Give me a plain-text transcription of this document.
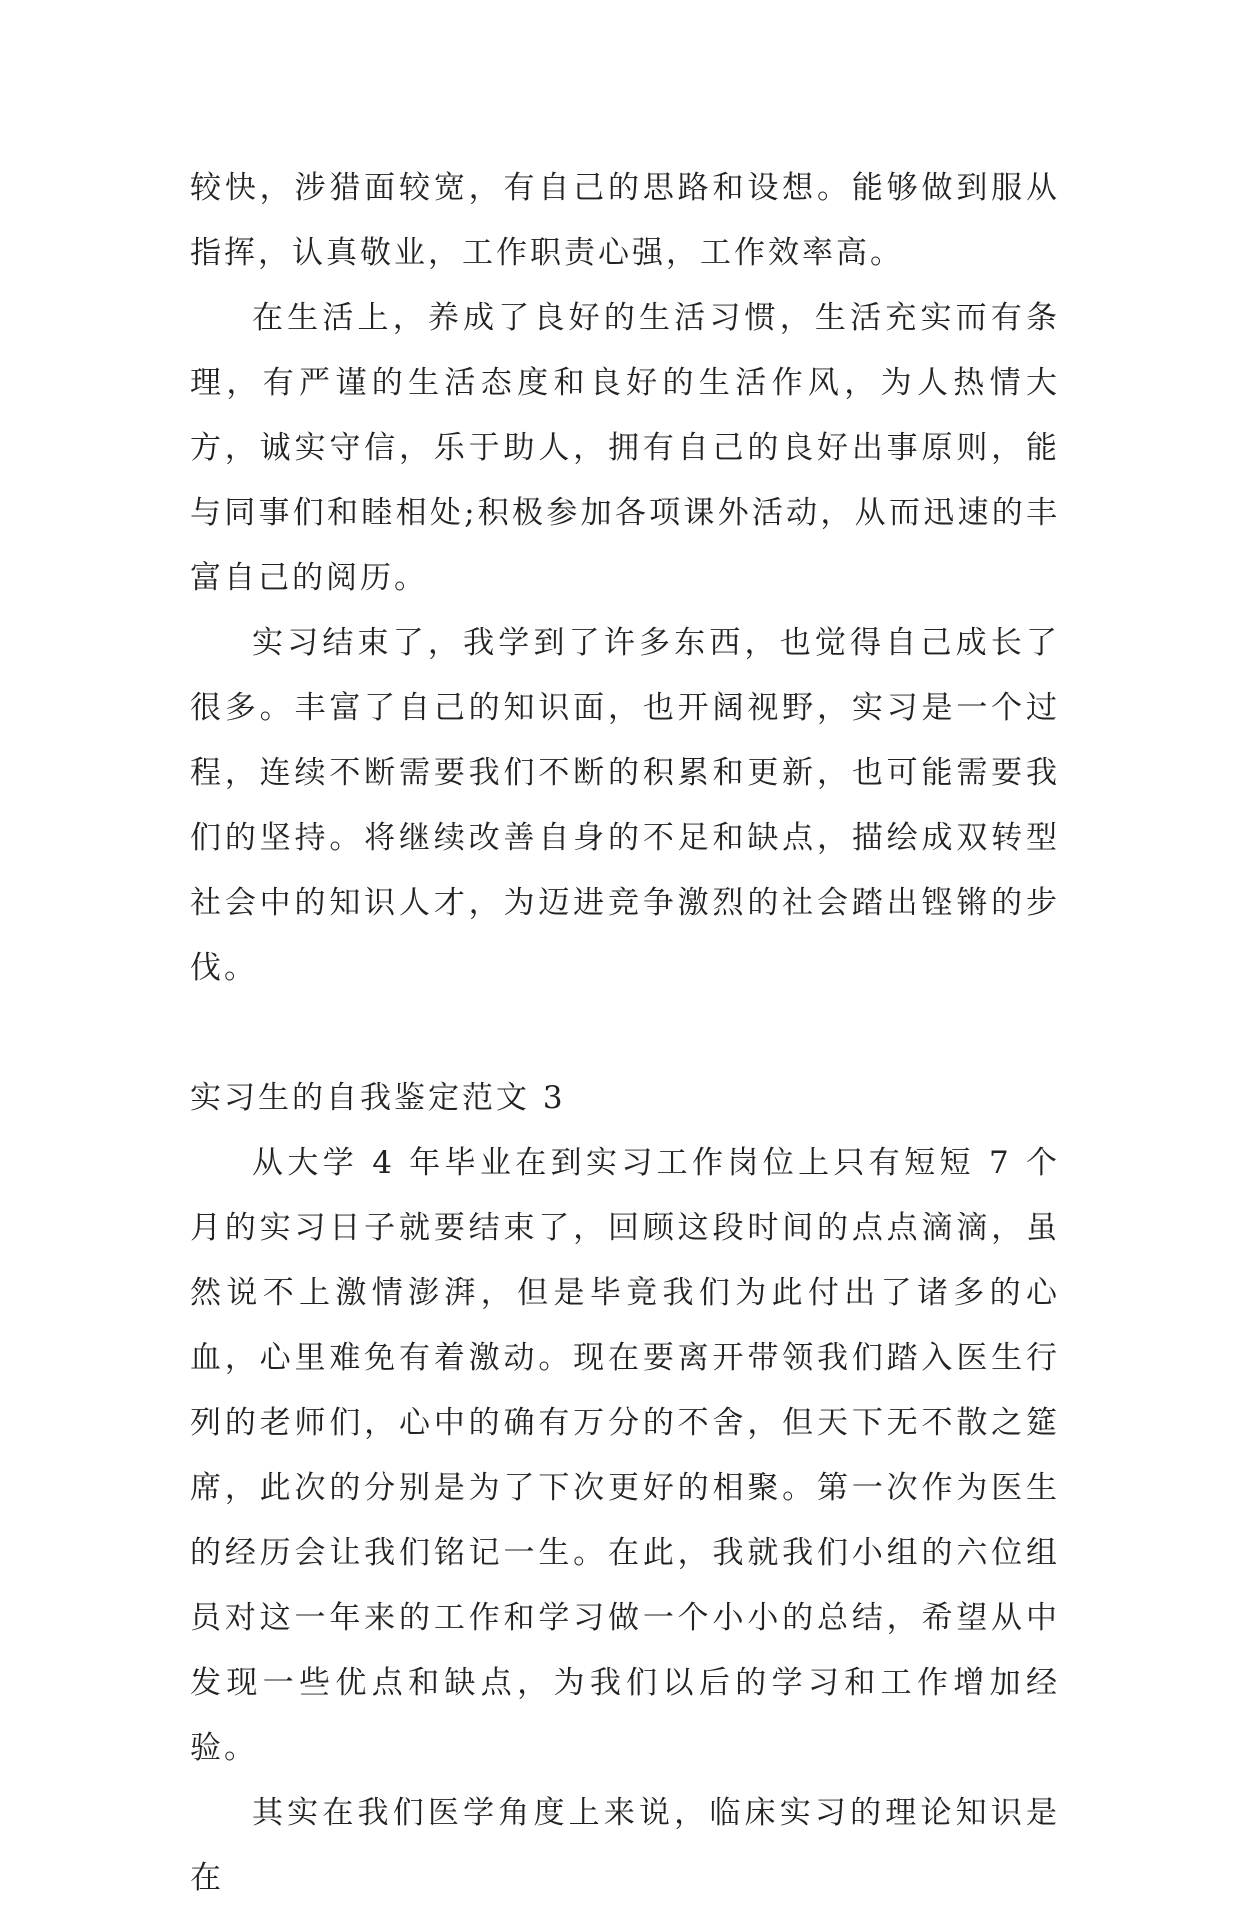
较快，涉猎面较宽，有自己的思路和设想。能够做到服从指挥，认真敬业，工作职责心强，工作效率高。

在生活上，养成了良好的生活习惯，生活充实而有条理，有严谨的生活态度和良好的生活作风，为人热情大方，诚实守信，乐于助人，拥有自己的良好出事原则，能与同事们和睦相处;积极参加各项课外活动，从而迅速的丰富自己的阅历。

实习结束了，我学到了许多东西，也觉得自己成长了很多。丰富了自己的知识面，也开阔视野，实习是一个过程，连续不断需要我们不断的积累和更新，也可能需要我们的坚持。将继续改善自身的不足和缺点，描绘成双转型社会中的知识人才，为迈进竞争激烈的社会踏出铿锵的步伐。

实习生的自我鉴定范文 3

从大学 4 年毕业在到实习工作岗位上只有短短 7 个月的实习日子就要结束了，回顾这段时间的点点滴滴，虽然说不上激情澎湃，但是毕竟我们为此付出了诸多的心血，心里难免有着激动。现在要离开带领我们踏入医生行列的老师们，心中的确有万分的不舍，但天下无不散之筵席，此次的分别是为了下次更好的相聚。第一次作为医生的经历会让我们铭记一生。在此，我就我们小组的六位组员对这一年来的工作和学习做一个小小的总结，希望从中发现一些优点和缺点，为我们以后的学习和工作增加经验。

其实在我们医学角度上来说，临床实习的理论知识是在
